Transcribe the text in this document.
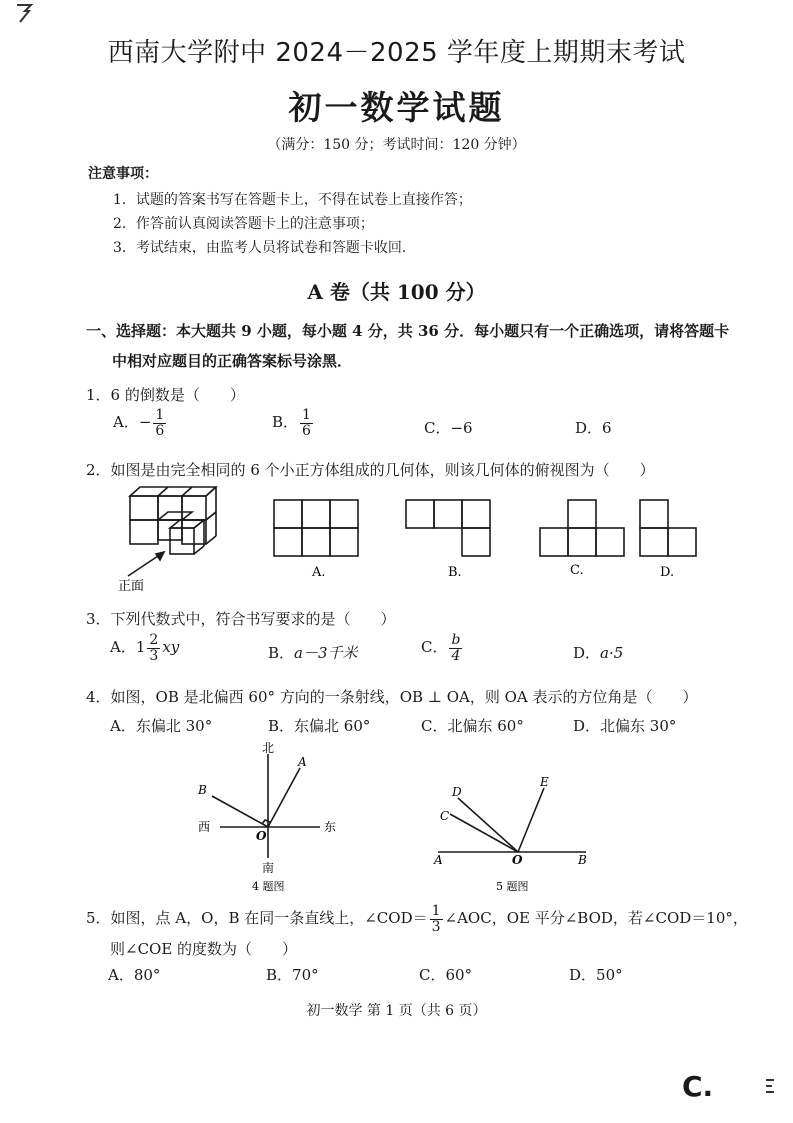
西南大学附中 2024－2025 学年度上期期末考试
初一数学试题
（满分：150 分；考试时间：120 分钟）
注意事项：
1．试题的答案书写在答题卡上，不得在试卷上直接作答；
2．作答前认真阅读答题卡上的注意事项；
3．考试结束，由监考人员将试卷和答题卡收回．
A 卷（共 100 分）
一、选择题：本大题共 9 小题，每小题 4 分，共 36 分．每小题只有一个正确选项，请将答题卡
中相对应题目的正确答案标号涂黑．
1．6 的倒数是（　　）
A．− $\frac{1}{6}$	B． $\frac{1}{6}$	C．−6	D．6
2．如图是由完全相同的 6 个小正方体组成的几何体，则该几何体的俯视图为（　　）
正面
A.	B.	C.	D.
3．下列代数式中，符合书写要求的是（　　）
A．$1 \frac{2}{3}$ xy	B．a－3千米	C． $\frac{b}{4}$	D．a·5
4．如图，OB 是北偏西 60° 方向的一条射线，OB ⊥ OA，则 OA 表示的方位角是（　　）
A．东偏北 30°	B．东偏北 60°	C．北偏东 60°	D．北偏东 30°
北
南
西	东
A
B
O
4 题图
A	B
O
C
D
E
5 题图
5．如图，点 A，O，B 在同一条直线上，∠COD＝ $\frac{1}{3}$ ∠AOC，OE 平分∠BOD，若∠COD＝10°，
则∠COE 的度数为（　　）
A．80°	B．70°	C．60°	D．50°
初一数学 第 1 页（共 6 页）
C.
